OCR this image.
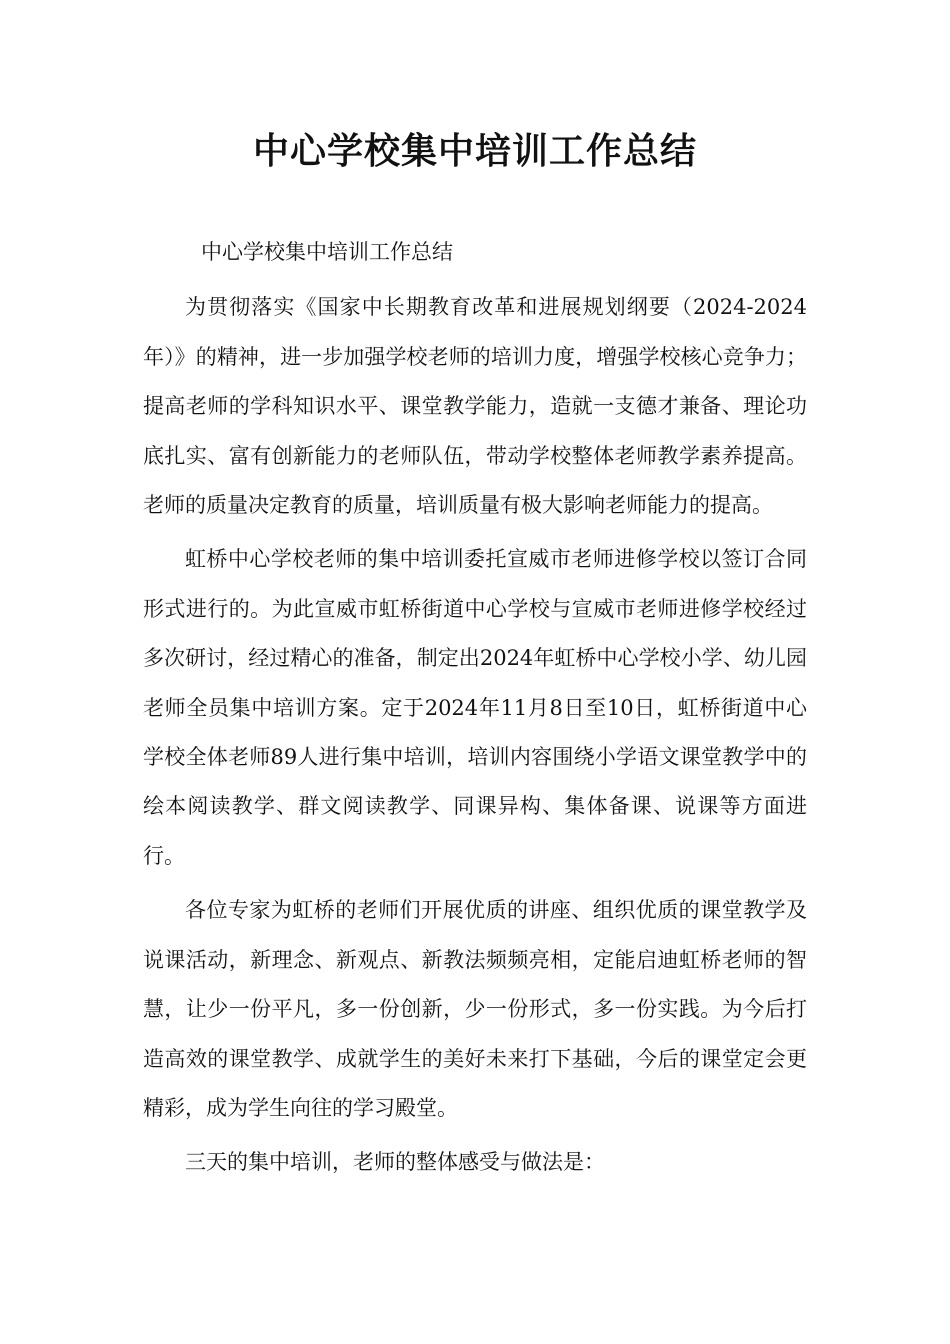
中心学校集中培训工作总结

中心学校集中培训工作总结

为贯彻落实《国家中长期教育改革和进展规划纲要（2024-2024年）》的精神，进一步加强学校老师的培训力度，增强学校核心竞争力；提高老师的学科知识水平、课堂教学能力，造就一支德才兼备、理论功底扎实、富有创新能力的老师队伍，带动学校整体老师教学素养提高。老师的质量决定教育的质量，培训质量有极大影响老师能力的提高。

虹桥中心学校老师的集中培训委托宣威市老师进修学校以签订合同形式进行的。为此宣威市虹桥街道中心学校与宣威市老师进修学校经过多次研讨，经过精心的准备，制定出2024年虹桥中心学校小学、幼儿园老师全员集中培训方案。定于2024年11月8日至10日，虹桥街道中心学校全体老师89人进行集中培训，培训内容围绕小学语文课堂教学中的绘本阅读教学、群文阅读教学、同课异构、集体备课、说课等方面进行。

各位专家为虹桥的老师们开展优质的讲座、组织优质的课堂教学及说课活动，新理念、新观点、新教法频频亮相，定能启迪虹桥老师的智慧，让少一份平凡，多一份创新，少一份形式，多一份实践。为今后打造高效的课堂教学、成就学生的美好未来打下基础，今后的课堂定会更精彩，成为学生向往的学习殿堂。

三天的集中培训，老师的整体感受与做法是：
